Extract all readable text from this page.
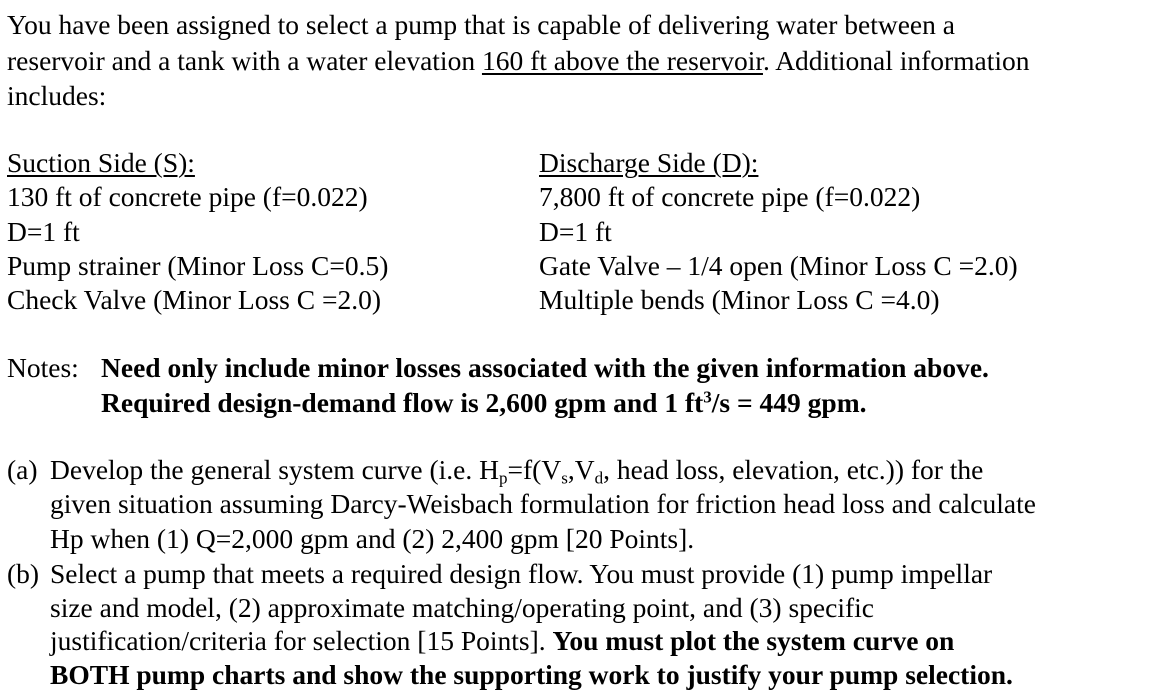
You have been assigned to select a pump that is capable of delivering water between a
reservoir and a tank with a water elevation 160 ft above the reservoir. Additional information
includes:
Suction Side (S):
130 ft of concrete pipe (f=0.022)
D=1 ft
Pump strainer (Minor Loss C=0.5)
Check Valve (Minor Loss C =2.0)
Discharge Side (D):
7,800 ft of concrete pipe (f=0.022)
D=1 ft
Gate Valve – 1/4 open (Minor Loss C =2.0)
Multiple bends (Minor Loss C =4.0)
Notes: Need only include minor losses associated with the given information above.
Required design-demand flow is 2,600 gpm and 1 $ft^3/s = 449$ gpm.
(a) Develop the general system curve (i.e. $H_p=f(V_s,V_d$, head loss, elevation, etc.)) for the
given situation assuming Darcy-Weisbach formulation for friction head loss and calculate
Hp when (1) Q=2,000 gpm and (2) 2,400 gpm [20 Points].
(b) Select a pump that meets a required design flow. You must provide (1) pump impellar
size and model, (2) approximate matching/operating point, and (3) specific
justification/criteria for selection [15 Points]. You must plot the system curve on
BOTH pump charts and show the supporting work to justify your pump selection.
